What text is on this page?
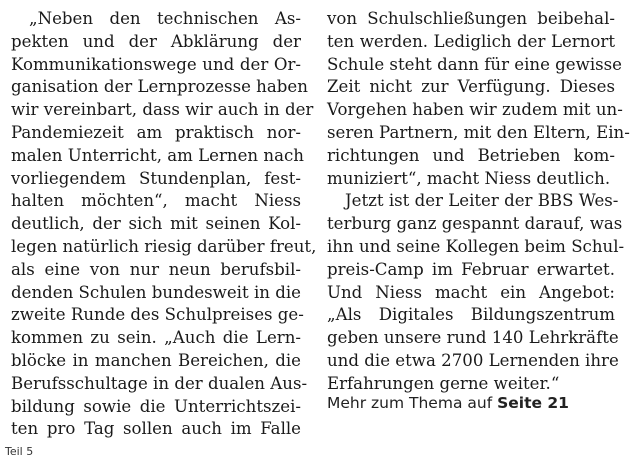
„Neben den technischen As-
pekten und der Abklärung der
Kommunikationswege und der Or-
ganisation der Lernprozesse haben
wir vereinbart, dass wir auch in der
Pandemiezeit am praktisch nor-
malen Unterricht, am Lernen nach
vorliegendem Stundenplan, fest-
halten möchten“, macht Niess
deutlich, der sich mit seinen Kol-
legen natürlich riesig darüber freut,
als eine von nur neun berufsbil-
denden Schulen bundesweit in die
zweite Runde des Schulpreises ge-
kommen zu sein. „Auch die Lern-
blöcke in manchen Bereichen, die
Berufsschultage in der dualen Aus-
bildung sowie die Unterrichtszei-
ten pro Tag sollen auch im Falle
von Schulschließungen beibehal-
ten werden. Lediglich der Lernort
Schule steht dann für eine gewisse
Zeit nicht zur Verfügung. Dieses
Vorgehen haben wir zudem mit un-
seren Partnern, mit den Eltern, Ein-
richtungen und Betrieben kom-
muniziert“, macht Niess deutlich.
Jetzt ist der Leiter der BBS Wes-
terburg ganz gespannt darauf, was
ihn und seine Kollegen beim Schul-
preis-Camp im Februar erwartet.
Und Niess macht ein Angebot:
„Als Digitales Bildungszentrum
geben unsere rund 140 Lehrkräfte
und die etwa 2700 Lernenden ihre
Erfahrungen gerne weiter.“
Mehr zum Thema auf Seite 21
Teil 5
